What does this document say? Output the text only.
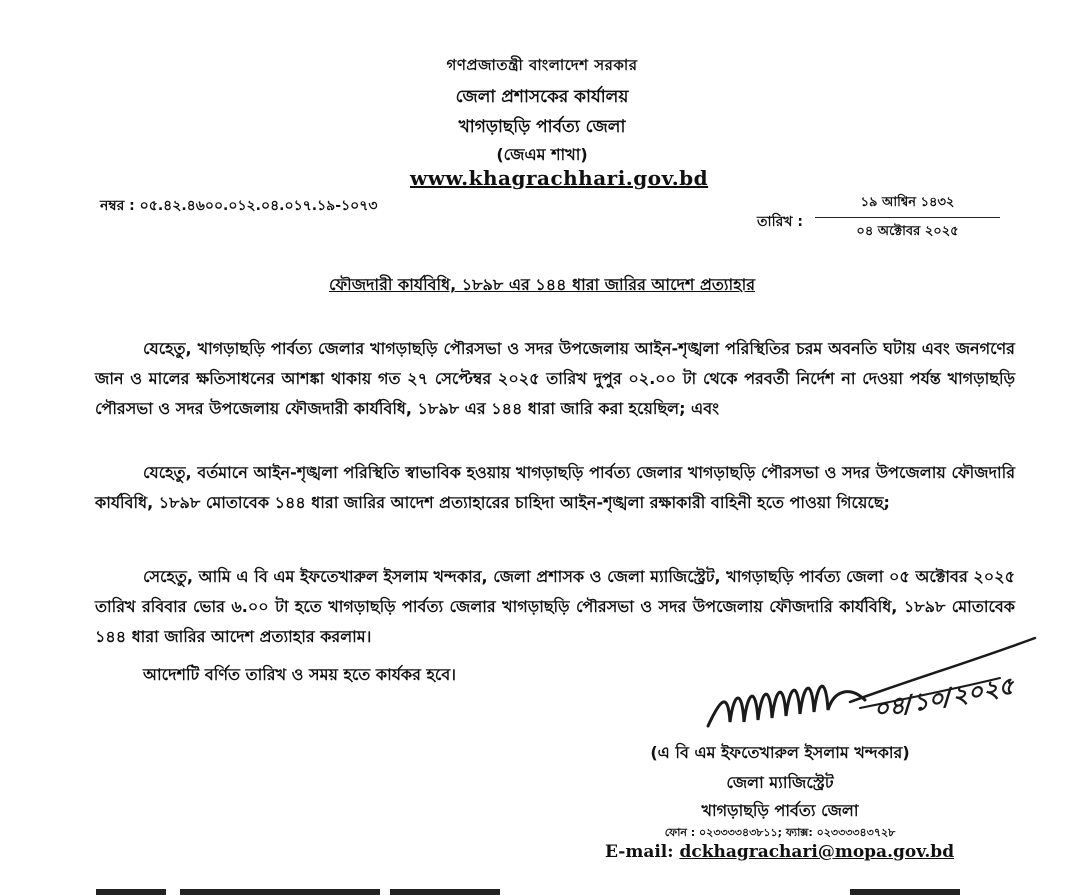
গণপ্রজাতন্ত্রী বাংলাদেশ সরকার
জেলা প্রশাসকের কার্যালয়
খাগড়াছড়ি পার্বত্য জেলা
(জেএম শাখা)
www.khagrachhari.gov.bd
নম্বর : ০৫.৪২.৪৬০০.০১২.০৪.০১৭.১৯-১০৭৩
তারিখ :
১৯ আশ্বিন ১৪৩২
০৪ অক্টোবর ২০২৫
ফৌজদারী কার্যবিধি, ১৮৯৮ এর ১৪৪ ধারা জারির আদেশ প্রত্যাহার
যেহেতু, খাগড়াছড়ি পার্বত্য জেলার খাগড়াছড়ি পৌরসভা ও সদর উপজেলায় আইন-শৃঙ্খলা পরিস্থিতির চরম অবনতি ঘটায় এবং জনগণের জান ও মালের ক্ষতিসাধনের আশঙ্কা থাকায় গত ২৭ সেপ্টেম্বর ২০২৫ তারিখ দুপুর ০২.০০ টা থেকে পরবর্তী নির্দেশ না দেওয়া পর্যন্ত খাগড়াছড়ি পৌরসভা ও সদর উপজেলায় ফৌজদারী কার্যবিধি, ১৮৯৮ এর ১৪৪ ধারা জারি করা হয়েছিল; এবং
যেহেতু, বর্তমানে আইন-শৃঙ্খলা পরিস্থিতি স্বাভাবিক হওয়ায় খাগড়াছড়ি পার্বত্য জেলার খাগড়াছড়ি পৌরসভা ও সদর উপজেলায় ফৌজদারি কার্যবিধি, ১৮৯৮ মোতাবেক ১৪৪ ধারা জারির আদেশ প্রত্যাহারের চাহিদা আইন-শৃঙ্খলা রক্ষাকারী বাহিনী হতে পাওয়া গিয়েছে;
সেহেতু, আমি এ বি এম ইফতেখারুল ইসলাম খন্দকার, জেলা প্রশাসক ও জেলা ম্যাজিস্ট্রেট, খাগড়াছড়ি পার্বত্য জেলা ০৫ অক্টোবর ২০২৫ তারিখ রবিবার ভোর ৬.০০ টা হতে খাগড়াছড়ি পার্বত্য জেলার খাগড়াছড়ি পৌরসভা ও সদর উপজেলায় ফৌজদারি কার্যবিধি, ১৮৯৮ মোতাবেক ১৪৪ ধারা জারির আদেশ প্রত্যাহার করলাম।
আদেশটি বর্ণিত তারিখ ও সময় হতে কার্যকর হবে।	০৪/১০/২০২৫
(এ বি এম ইফতেখারুল ইসলাম খন্দকার)
জেলা ম্যাজিস্ট্রেট
খাগড়াছড়ি পার্বত্য জেলা
ফোন : ০২৩৩৩৩৪৩৮১১; ফ্যাক্স: ০২৩৩৩৩৪৩৭২৮
E-mail: dckhagrachari@mopa.gov.bd
